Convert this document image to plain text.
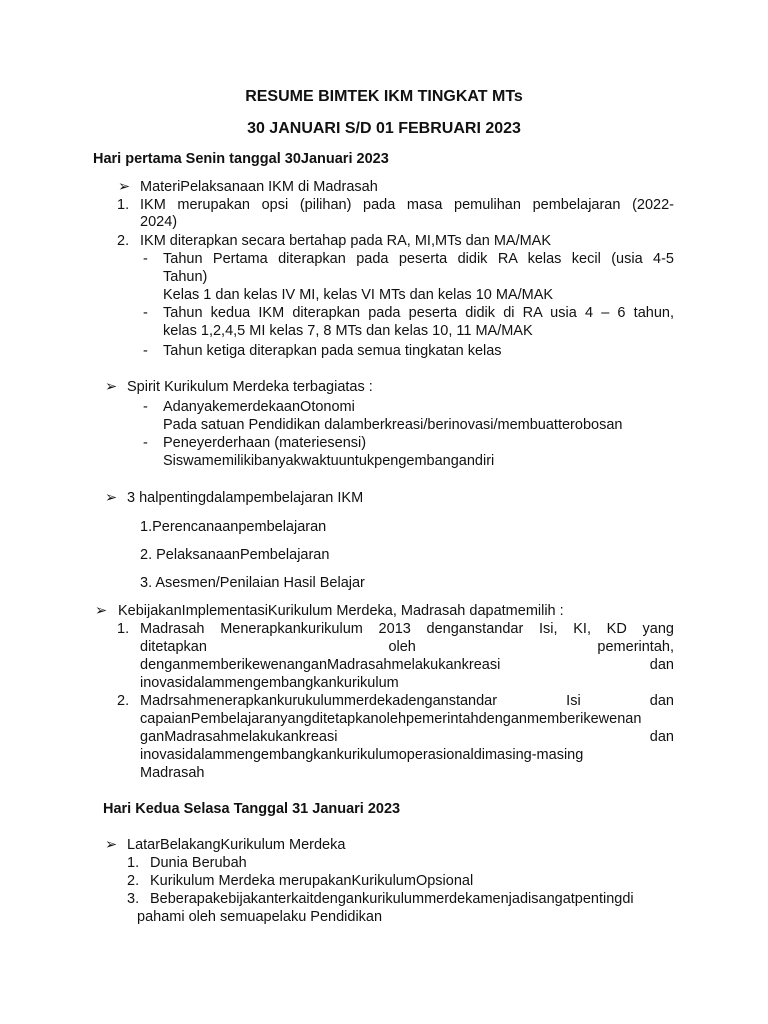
RESUME BIMTEK IKM TINGKAT MTs
30 JANUARI S/D 01 FEBRUARI 2023
Hari pertama Senin tanggal 30Januari 2023
➢ MateriPelaksanaan IKM di Madrasah
1. IKM merupakan opsi (pilihan) pada masa pemulihan pembelajaran (2022-
2024)
2. IKM diterapkan secara bertahap pada RA, MI,MTs dan MA/MAK
- Tahun Pertama diterapkan pada peserta didik RA kelas kecil (usia 4-5
Tahun)
Kelas 1 dan kelas IV MI, kelas VI MTs dan kelas 10 MA/MAK
- Tahun kedua IKM diterapkan pada peserta didik di RA usia 4 – 6 tahun,
kelas 1,2,4,5 MI kelas 7, 8 MTs dan kelas 10, 11 MA/MAK
- Tahun ketiga diterapkan pada semua tingkatan kelas
➢ Spirit Kurikulum Merdeka terbagiatas :
- AdanyakemerdekaanOtonomi
Pada satuan Pendidikan dalamberkreasi/berinovasi/membuatterobosan
- Peneyerderhaan (materiesensi)
Siswamemilikibanyakwaktuuntukpengembangandiri
➢ 3 halpentingdalampembelajaran IKM
1.Perencanaanpembelajaran
2. PelaksanaanPembelajaran
3. Asesmen/Penilaian Hasil Belajar
➢ KebijakanImplementasiKurikulum Merdeka, Madrasah dapatmemilih :
1. Madrasah Menerapkankurikulum 2013 denganstandar Isi, KI, KD yang
ditetapkan oleh pemerintah,
denganmemberikewenanganMadrasahmelakukankreasi dan
inovasidalammengembangkankurikulum
2. Madrsahmenerapkankurukulummerdekadenganstandar Isi dan
capaianPembelajaranyangditetapkanolehpemerintahdenganmemberikewenan
ganMadrasahmelakukankreasi dan
inovasidalammengembangkankurikulumoperasionaldimasing-masing
Madrasah
Hari Kedua Selasa Tanggal 31 Januari 2023
➢ LatarBelakangKurikulum Merdeka
1. Dunia Berubah
2. Kurikulum Merdeka merupakanKurikulumOpsional
3. Beberapakebijakanterkaitdengankurikulummerdekamenjadisangatpentingdi
pahami oleh semuapelaku Pendidikan
